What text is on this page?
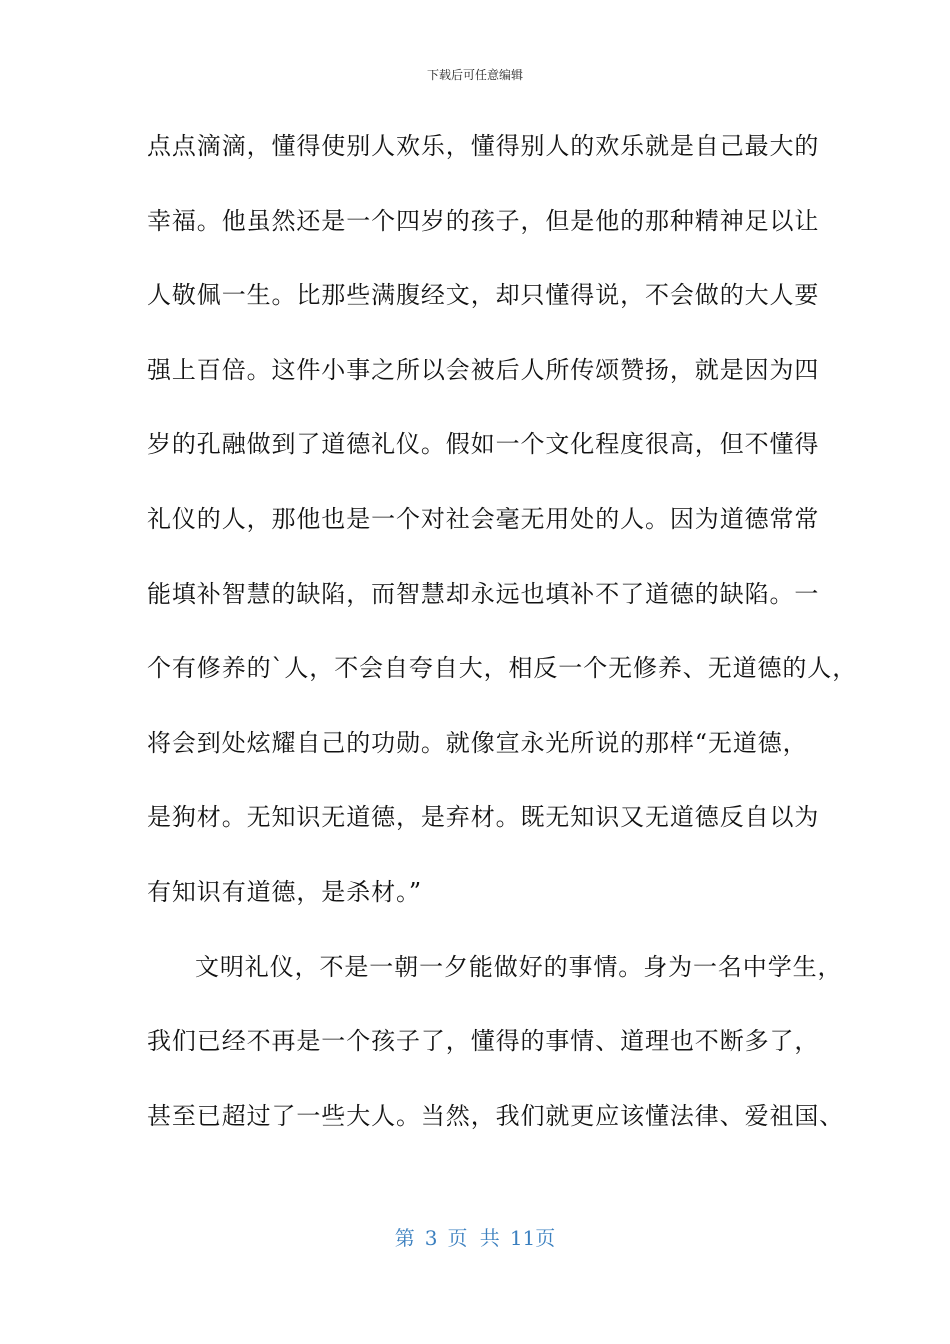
下载后可任意编辑
点点滴滴，懂得使别人欢乐，懂得别人的欢乐就是自己最大的
幸福。他虽然还是一个四岁的孩子，但是他的那种精神足以让
人敬佩一生。比那些满腹经文，却只懂得说，不会做的大人要
强上百倍。这件小事之所以会被后人所传颂赞扬，就是因为四
岁的孔融做到了道德礼仪。假如一个文化程度很高，但不懂得
礼仪的人，那他也是一个对社会毫无用处的人。因为道德常常
能填补智慧的缺陷，而智慧却永远也填补不了道德的缺陷。一
个有修养的`人，不会自夸自大，相反一个无修养、无道德的人，
将会到处炫耀自己的功勋。就像宣永光所说的那样“无道德，
是狗材。无知识无道德，是弃材。既无知识又无道德反自以为
有知识有道德，是杀材。”
文明礼仪，不是一朝一夕能做好的事情。身为一名中学生，
我们已经不再是一个孩子了，懂得的事情、道理也不断多了，
甚至已超过了一些大人。当然，我们就更应该懂法律、爱祖国、
第 3 页 共 11页
